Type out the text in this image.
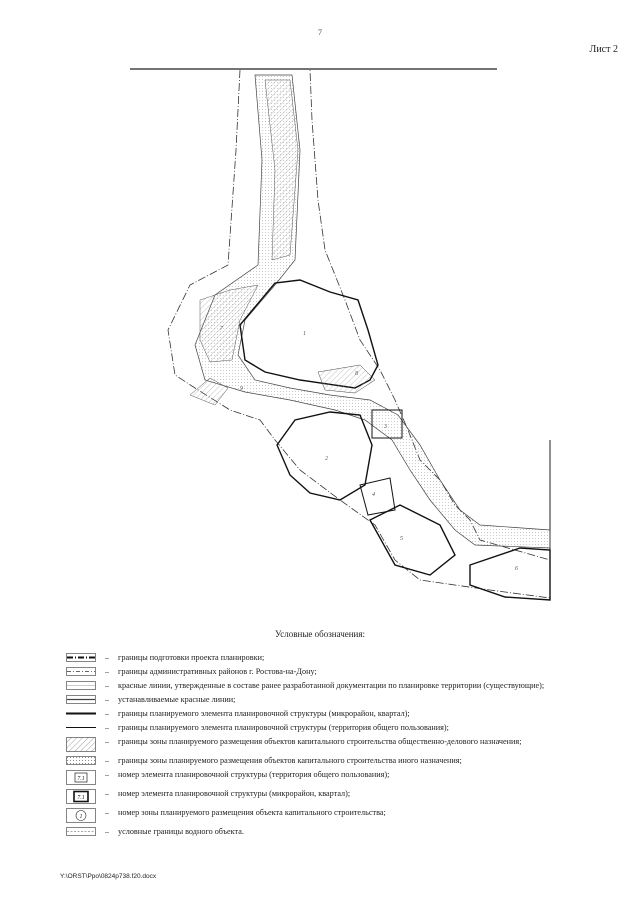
7
Лист 2
1
2
3
4
5
6
7
8
9
Условные обозначения:
–	границы подготовки проекта планировки;
–	границы административных районов г. Ростова-на-Дону;
–	красные линии, утвержденные в составе ранее разработанной документации по планировке территории (существующие);
–	устанавливаемые красные линии;
–	границы планируемого элемента планировочной структуры (микрорайон, квартал);
–	границы планируемого элемента планировочной структуры (территория общего пользования);
–	границы зоны планируемого размещения объектов капитального строительства общественно-делового назначения;
–	границы зоны планируемого размещения объектов капитального строительства иного назначения;
7.1	–	номер элемента планировочной структуры (территория общего пользования);
7.1	–	номер элемента планировочной структуры (микрорайон, квартал);
1	–	номер зоны планируемого размещения объекта капитального строительства;
–	условные границы водного объекта.
Y:\ORST\Ppo\0824p738.f20.docx
